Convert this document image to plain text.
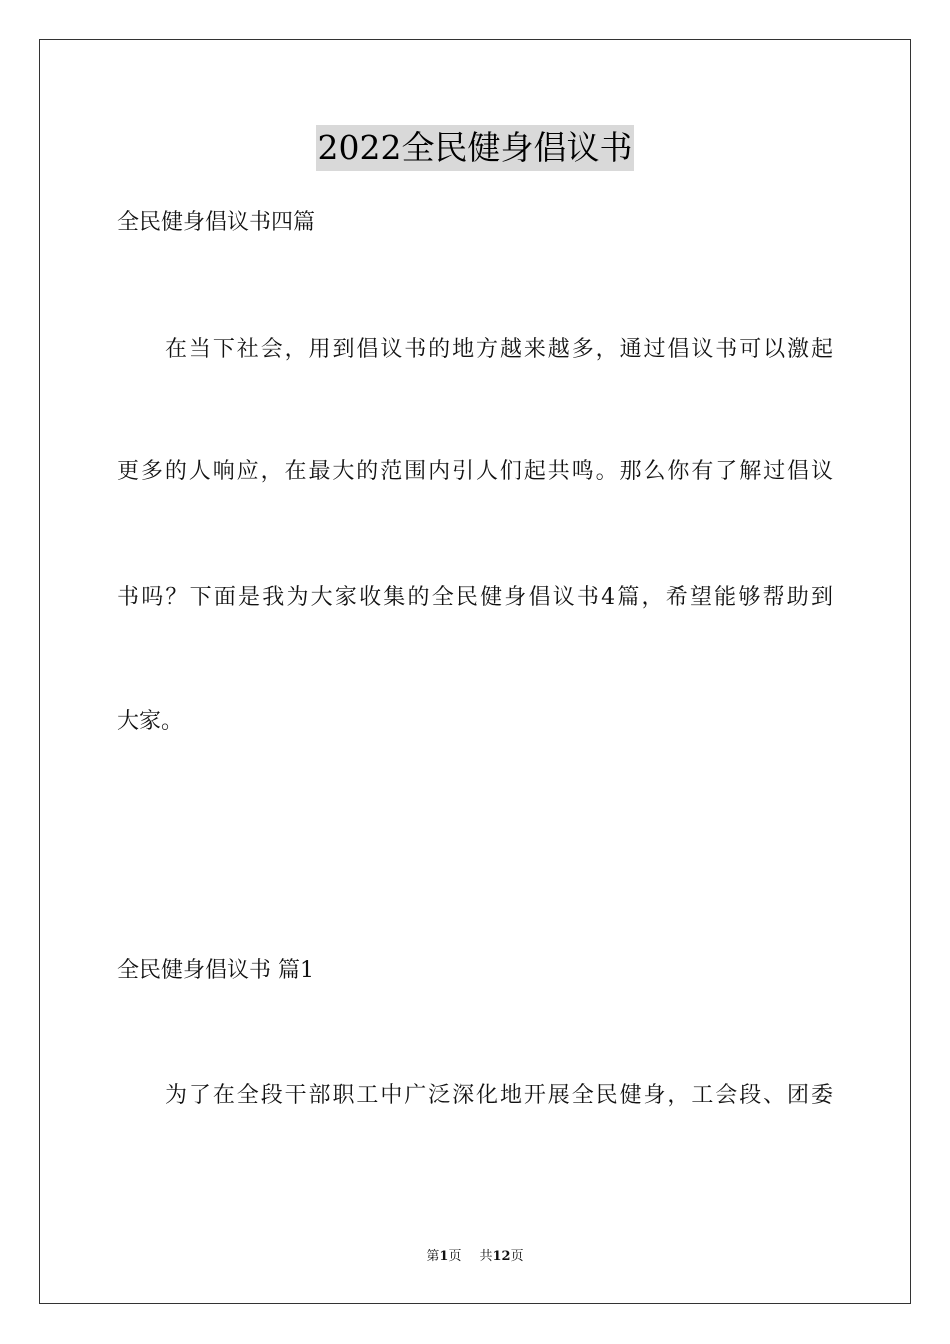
2022全民健身倡议书

全民健身倡议书四篇

在当下社会，用到倡议书的地方越来越多，通过倡议书可以激起

更多的人响应，在最大的范围内引人们起共鸣。那么你有了解过倡议

书吗？下面是我为大家收集的全民健身倡议书4篇，希望能够帮助到

大家。

全民健身倡议书 篇1

为了在全段干部职工中广泛深化地开展全民健身，工会段、团委

第1页 共12页
